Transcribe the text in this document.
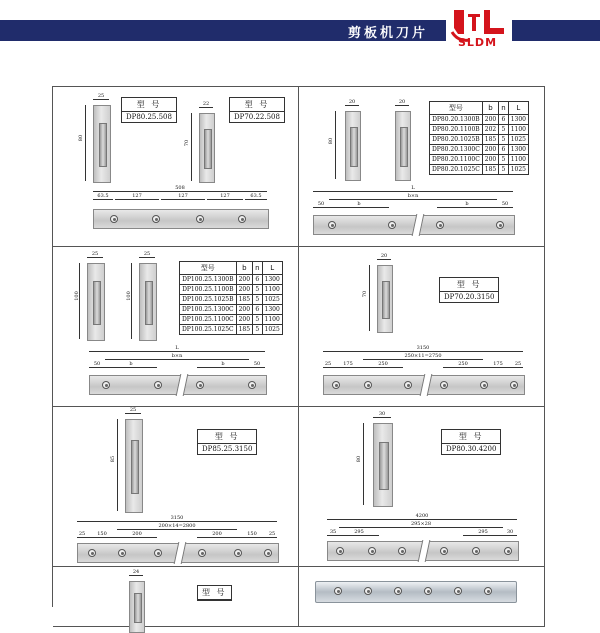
剪板机刀片
SLDM
25
80
型 号
DP80.25.508
22
70
型 号
DP70.22.508
508
63.5	127	127	127	63.5
20
80
20
型号	b	n	L
DP80.20.1300B	200	6	1300
DP80.20.1100B	202	5	1100
DP80.20.1025B	185	5	1025
DP80.20.1300C	200	6	1300
DP80.20.1100C	200	5	1100
DP80.20.1025C	185	5	1025
L
b×n
50	b	b	50
25
100
25
100
型号	b	n	L
DP100.25.1300B	200	6	1300
DP100.25.1100B	200	5	1100
DP100.25.1025B	185	5	1025
DP100.25.1300C	200	6	1300
DP100.25.1100C	200	5	1100
DP100.25.1025C	185	5	1025
L
b×n
50	b	b	50
20
70
型 号
DP70.20.3150
3150
250×11=2750
25	175	250	250	175	25
25
85
型 号
DP85.25.3150
3150
200×14=2800
25	150	200	200	150	25
30
80
型 号
DP80.30.4200
4200
295×28
35	295	295	30
24
型 号
